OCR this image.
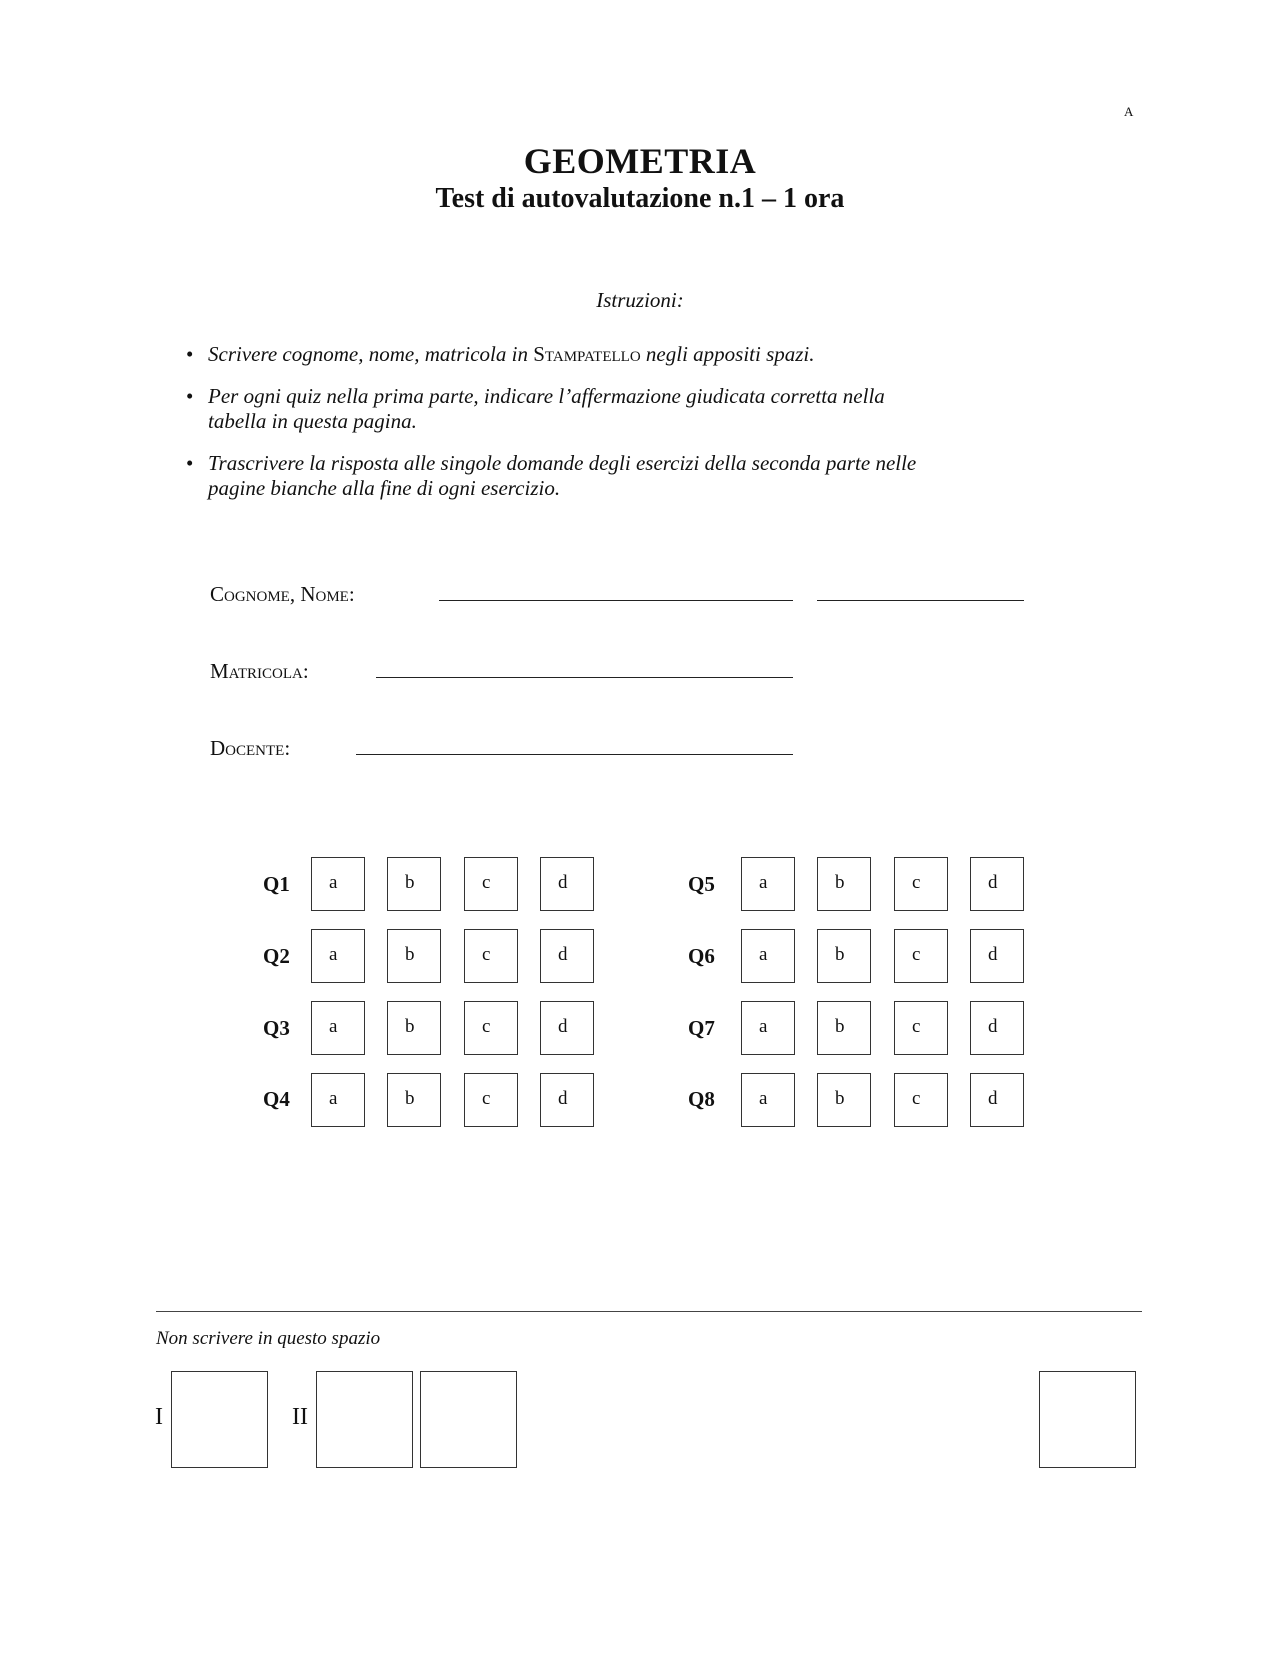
A
GEOMETRIA
Test di autovalutazione n.1 – 1 ora
Istruzioni:
• Scrivere cognome, nome, matricola in Stampatello negli appositi spazi.
• Per ogni quiz nella prima parte, indicare l’affermazione giudicata corretta nella tabella in questa pagina.
• Trascrivere la risposta alle singole domande degli esercizi della seconda parte nelle pagine bianche alla fine di ogni esercizio.
Cognome, Nome:
Matricola:
Docente:
Q1 a	b	c	d
Q2 a	b	c	d
Q3 a	b	c	d
Q4 a	b	c	d
Q5 a	b	c	d
Q6 a	b	c	d
Q7 a	b	c	d
Q8 a	b	c	d
Non scrivere in questo spazio
I	II
